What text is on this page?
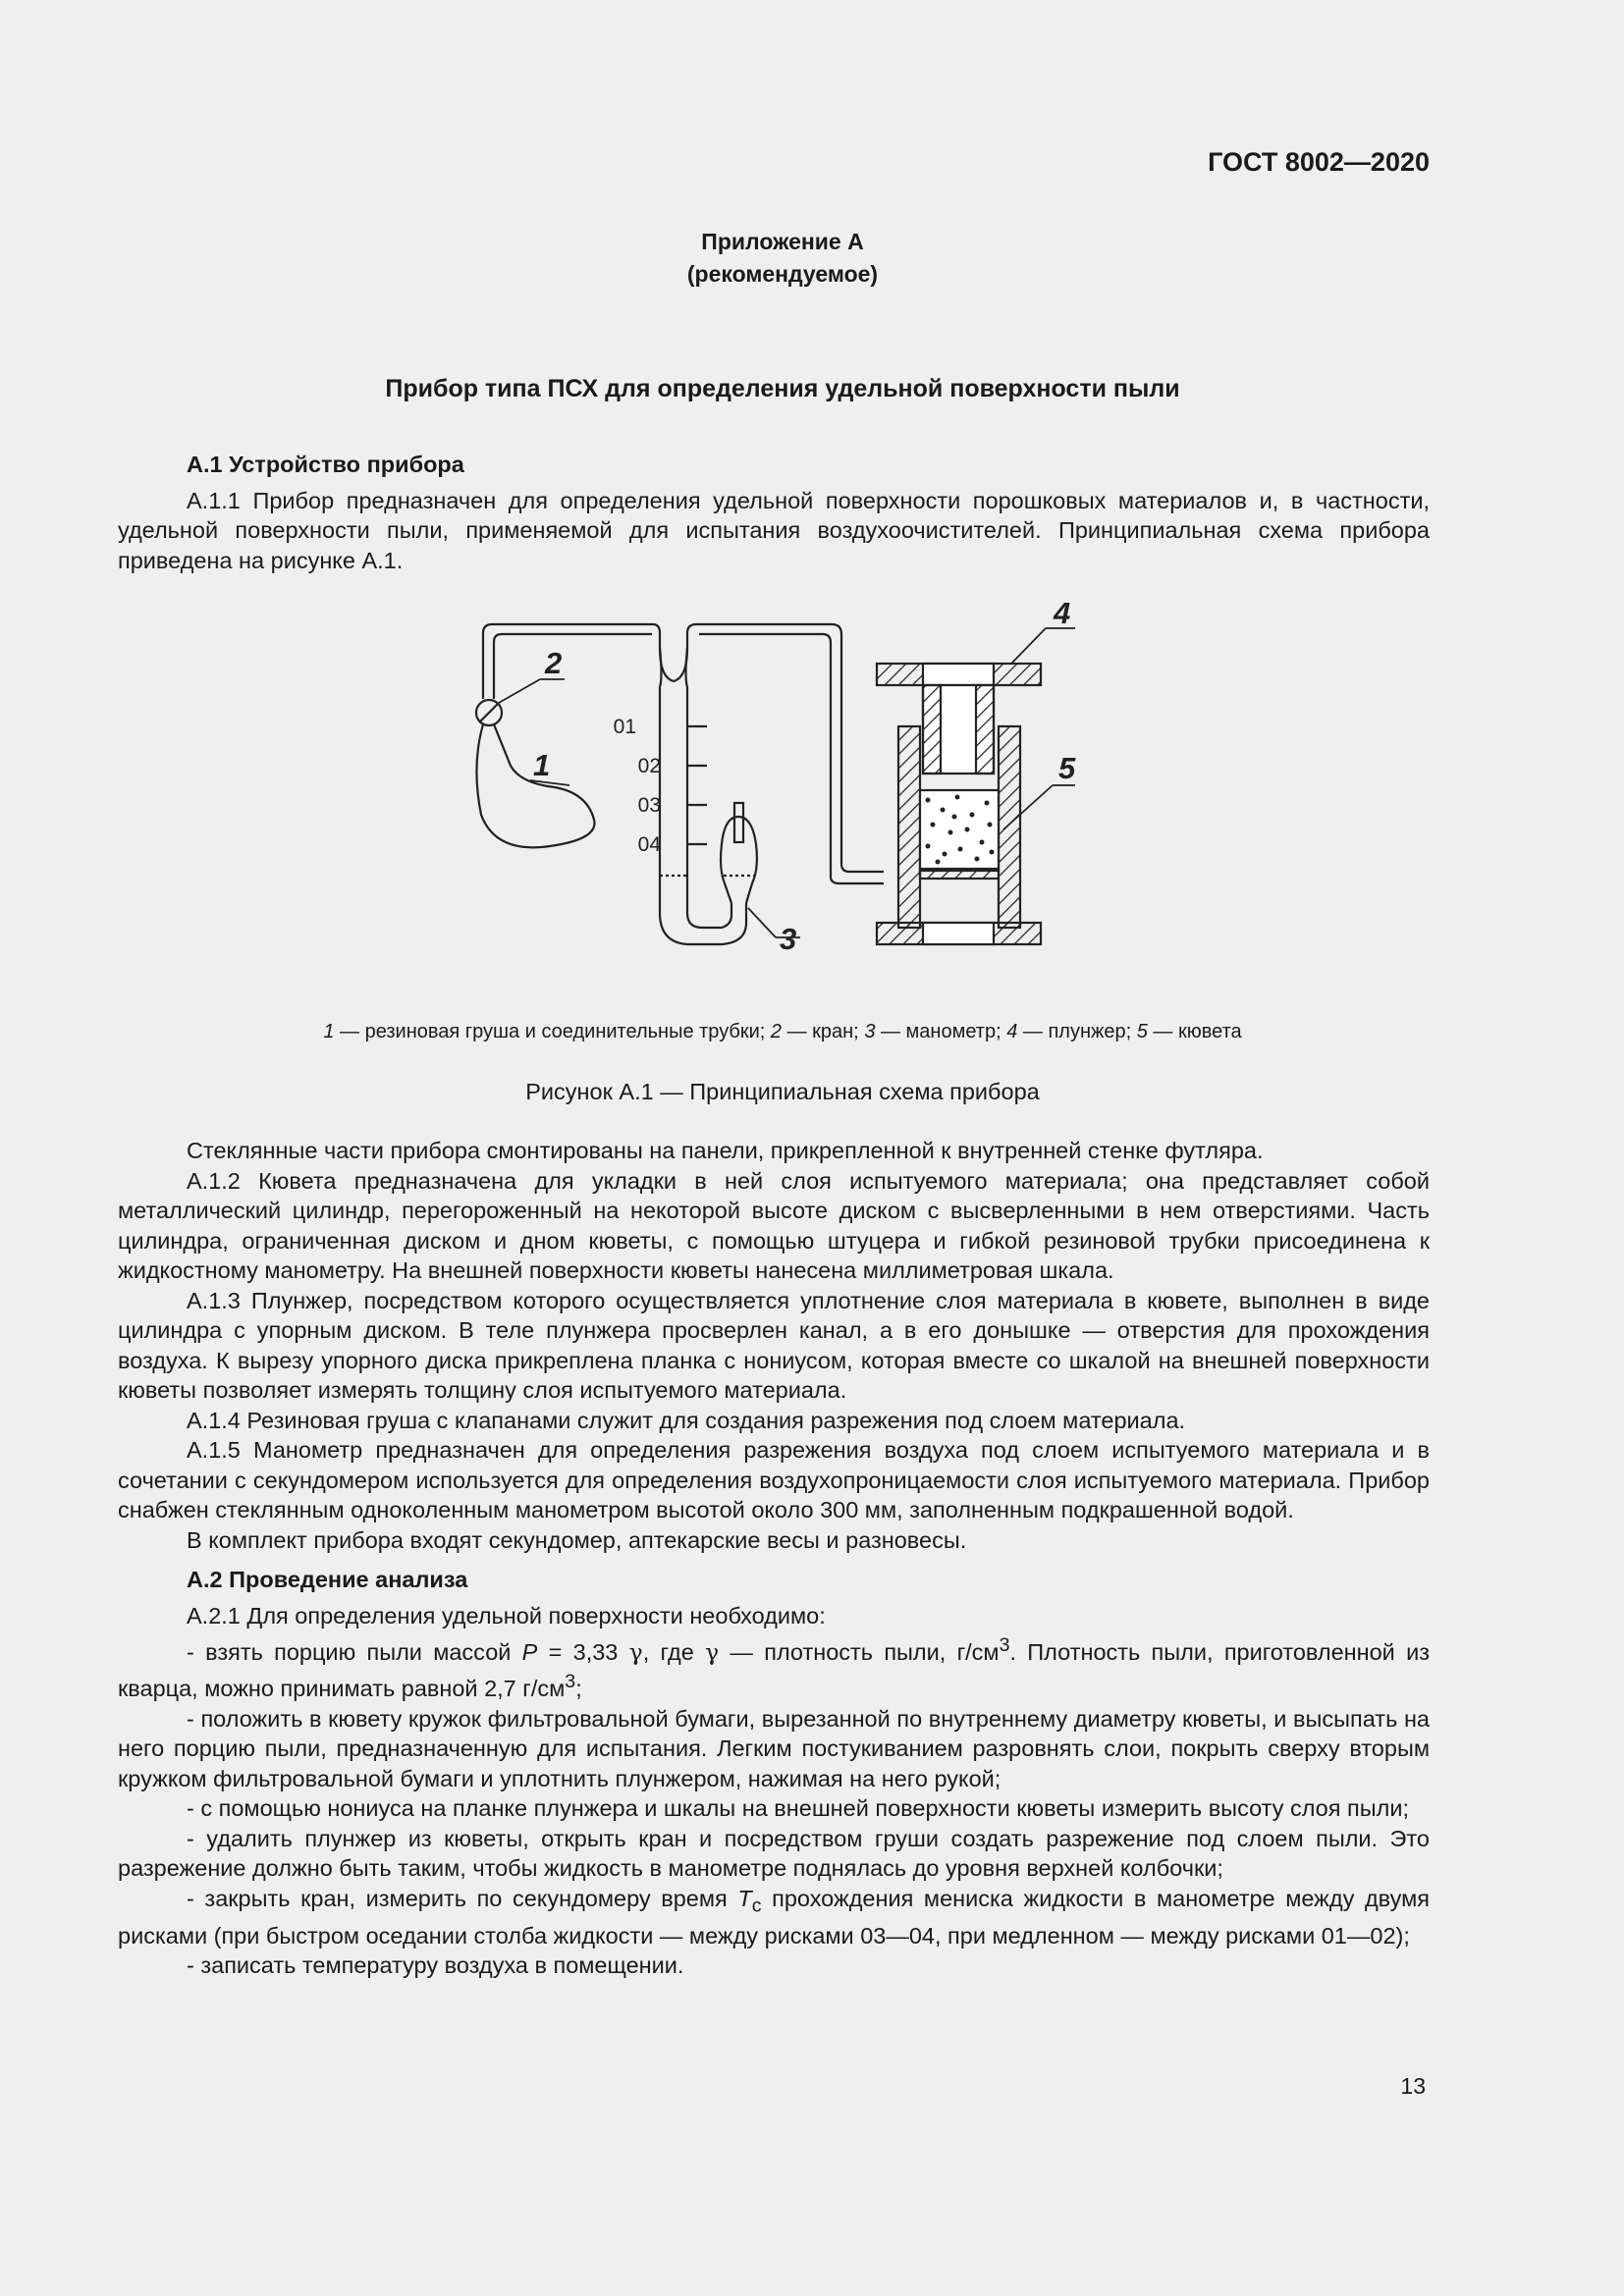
ГОСТ 8002—2020
Приложение А
(рекомендуемое)
Прибор типа ПСХ для определения удельной поверхности пыли

А.1 Устройство прибора

А.1.1 Прибор предназначен для определения удельной поверхности порошковых материалов и, в частности, удельной поверхности пыли, применяемой для испытания воздухоочистителей. Принципиальная схема прибора приведена на рисунке А.1.

2
1
3
4
5
01
02
03
04
1 — резиновая груша и соединительные трубки; 2 — кран; 3 — манометр; 4 — плунжер; 5 — кювета
Рисунок А.1 — Принципиальная схема прибора

Стеклянные части прибора смонтированы на панели, прикрепленной к внутренней стенке футляра.

А.1.2 Кювета предназначена для укладки в ней слоя испытуемого материала; она представляет собой металлический цилиндр, перегороженный на некоторой высоте диском с высверленными в нем отверстиями. Часть цилиндра, ограниченная диском и дном кюветы, с помощью штуцера и гибкой резиновой трубки присоединена к жидкостному манометру. На внешней поверхности кюветы нанесена миллиметровая шкала.

А.1.3 Плунжер, посредством которого осуществляется уплотнение слоя материала в кювете, выполнен в виде цилиндра с упорным диском. В теле плунжера просверлен канал, а в его донышке — отверстия для прохождения воздуха. К вырезу упорного диска прикреплена планка с нониусом, которая вместе со шкалой на внешней поверхности кюветы позволяет измерять толщину слоя испытуемого материала.

А.1.4 Резиновая груша с клапанами служит для создания разрежения под слоем материала.

А.1.5 Манометр предназначен для определения разрежения воздуха под слоем испытуемого материала и в сочетании с секундомером используется для определения воздухопроницаемости слоя испытуемого материала. Прибор снабжен стеклянным одноколенным манометром высотой около 300 мм, заполненным подкрашенной водой.

В комплект прибора входят секундомер, аптекарские весы и разновесы.

А.2 Проведение анализа

А.2.1 Для определения удельной поверхности необходимо:

- взять порцию пыли массой P = 3,33 γ, где γ — плотность пыли, $г/см^3$. Плотность пыли, приготовленной из кварца, можно принимать равной 2,7 $г/см^3$;

- положить в кювету кружок фильтровальной бумаги, вырезанной по внутреннему диаметру кюветы, и высыпать на него порцию пыли, предназначенную для испытания. Легким постукиванием разровнять слои, покрыть сверху вторым кружком фильтровальной бумаги и уплотнить плунжером, нажимая на него рукой;

- с помощью нониуса на планке плунжера и шкалы на внешней поверхности кюветы измерить высоту слоя пыли;

- удалить плунжер из кюветы, открыть кран и посредством груши создать разрежение под слоем пыли. Это разрежение должно быть таким, чтобы жидкость в манометре поднялась до уровня верхней колбочки;

- закрыть кран, измерить по секундомеру время $T_c$ прохождения мениска жидкости в манометре между двумя рисками (при быстром оседании столба жидкости — между рисками 03—04, при медленном — между рисками 01—02);

- записать температуру воздуха в помещении.

13
